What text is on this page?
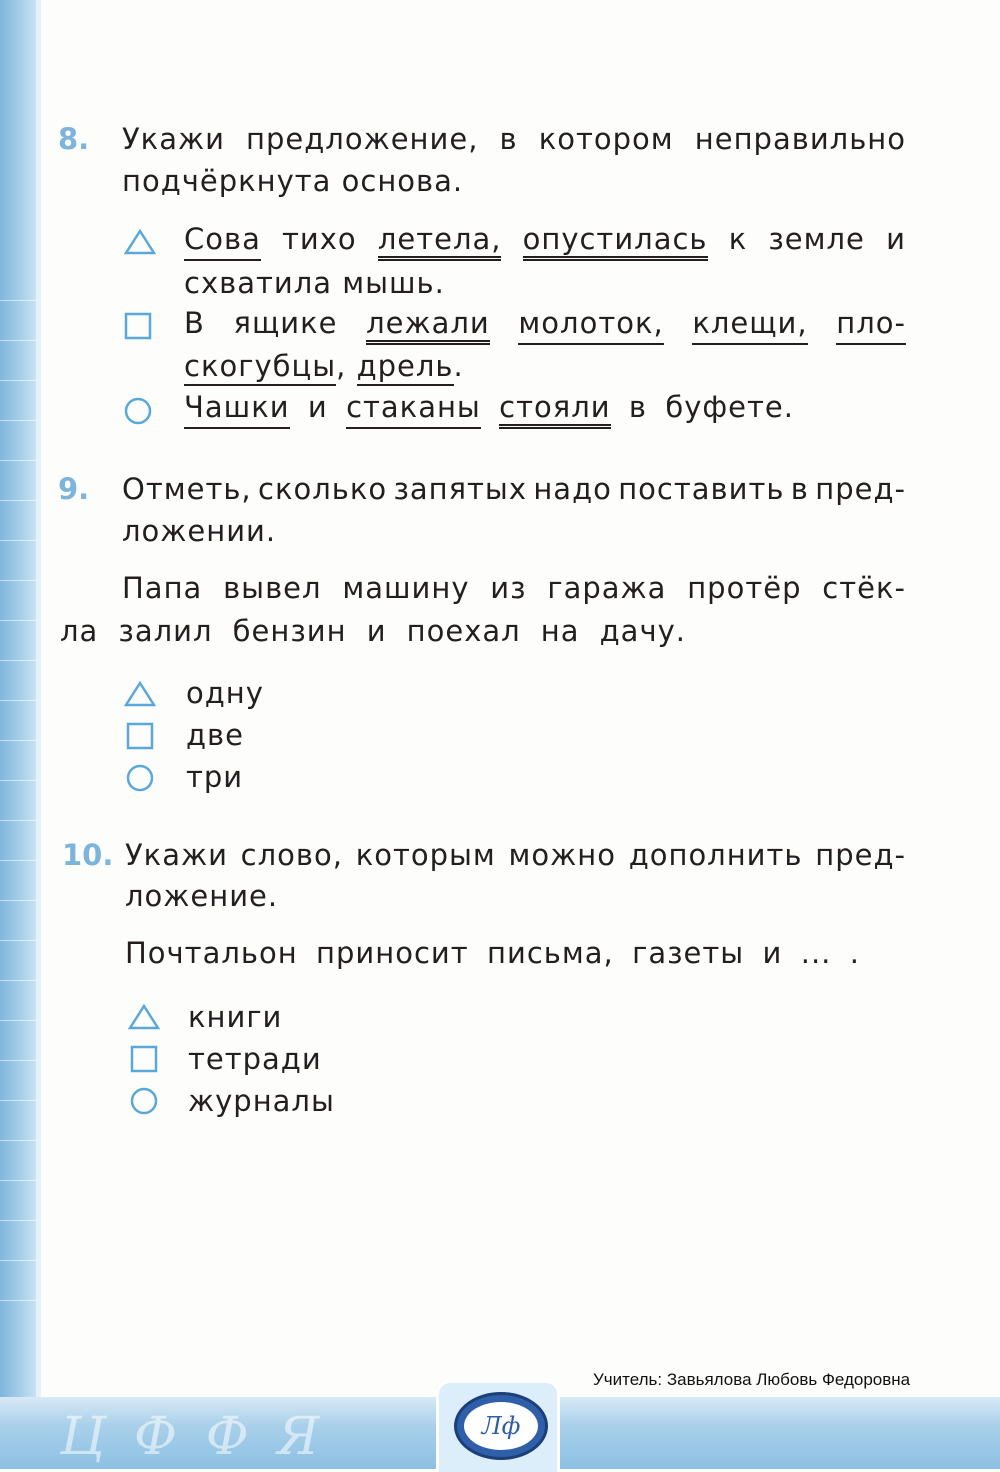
8. Укажи предложение, в котором неправильно
подчёркнута основа.
Сова тихо летела, опустилась к земле и
схватила мышь.
В ящике лежали молоток, клещи, пло-
скогубцы, дрель.
Чашки и стаканы стояли в буфете.
9. Отметь, сколько запятых надо поставить в пред-
ложении.
Папа вывел машину из гаража протёр стёк-
ла залил бензин и поехал на дачу.
одну
две
три
10. Укажи слово, которым можно дополнить пред-
ложение.
Почтальон приносит письма, газеты и ... .
книги
тетради
журналы
Учитель: Завьялова Любовь Федоровна
Ц Ф Ф Я	Лф
